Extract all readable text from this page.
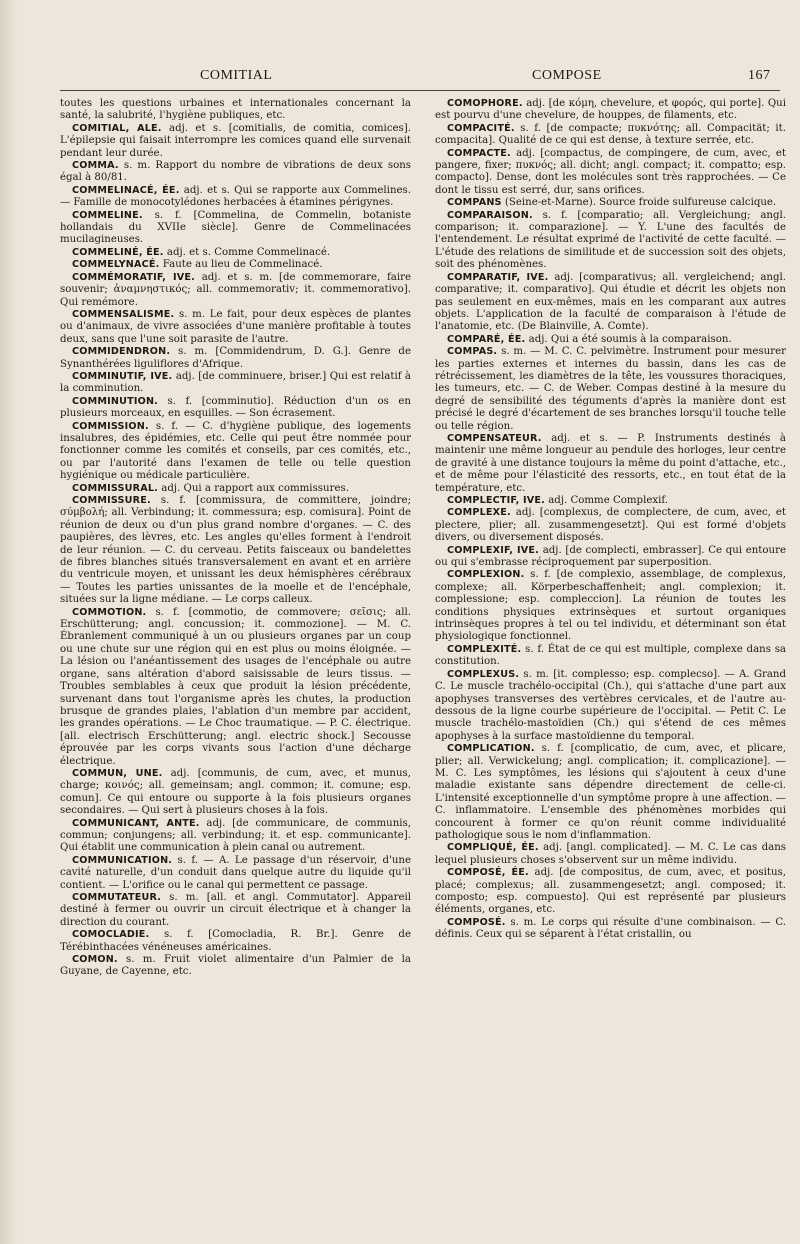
COMITIAL	COMPOSE	167

toutes les questions urbaines et internationales concernant la santé, la salubrité, l'hygiène publiques, etc.

COMITIAL, ALE. adj. et s. [comitialis, de comitia, comices]. L'épilepsie qui faisait interrompre les comices quand elle survenait pendant leur durée.

COMMA. s. m. Rapport du nombre de vibrations de deux sons égal à 80/81.

COMMELINACÉ, ÉE. adj. et s. Qui se rapporte aux Commelines. — Famille de monocotylédones herbacées à étamines périgynes.

COMMELINE. s. f. [Commelina, de Commelin, botaniste hollandais du XVIIe siècle]. Genre de Commelinacées mucilagineuses.

COMMELINÉ, ÉE. adj. et s. Comme Commelinacé.

COMMELYNACÉ. Faute au lieu de Commelinacé.

COMMÉMORATIF, IVE. adj. et s. m. [de commemorare, faire souvenir; ἀναμνηστικός; all. commemorativ; it. commemorativo]. Qui remémore.

COMMENSALISME. s. m. Le fait, pour deux espèces de plantes ou d'animaux, de vivre associées d'une manière profitable à toutes deux, sans que l'une soit parasite de l'autre.

COMMIDENDRON. s. m. [Commidendrum, D. G.]. Genre de Synanthérées liguliflores d'Afrique.

COMMINUTIF, IVE. adj. [de comminuere, briser.] Qui est relatif à la comminution.

COMMINUTION. s. f. [comminutio]. Réduction d'un os en plusieurs morceaux, en esquilles. — Son écrasement.

COMMISSION. s. f. — C. d'hygiène publique, des logements insalubres, des épidémies, etc. Celle qui peut être nommée pour fonctionner comme les comités et conseils, par ces comités, etc., ou par l'autorité dans l'examen de telle ou telle question hygiénique ou médicale particulière.

COMMISSURAL. adj. Qui a rapport aux commissures.

COMMISSURE. s. f. [commissura, de committere, joindre; σύμβολή; all. Verbindung; it. commessura; esp. comisura]. Point de réunion de deux ou d'un plus grand nombre d'organes. — C. des paupières, des lèvres, etc. Les angles qu'elles forment à l'endroit de leur réunion. — C. du cerveau. Petits faisceaux ou bandelettes de fibres blanches situés transversalement en avant et en arrière du ventricule moyen, et unissant les deux hémisphères cérébraux — Toutes les parties unissantes de la moelle et de l'encéphale, situées sur la ligne médiane. — Le corps calleux.

COMMOTION. s. f. [commotio, de commovere; σεῖσις; all. Erschütterung; angl. concussion; it. commozione]. — M. C. Ébranlement communiqué à un ou plusieurs organes par un coup ou une chute sur une région qui en est plus ou moins éloignée. — La lésion ou l'anéantissement des usages de l'encéphale ou autre organe, sans altération d'abord saisissable de leurs tissus. — Troubles semblables à ceux que produit la lésion précédente, survenant dans tout l'organisme après les chutes, la production brusque de grandes plaies, l'ablation d'un membre par accident, les grandes opérations. — Le Choc traumatique. — P. C. électrique. [all. electrisch Erschütterung; angl. electric shock.] Secousse éprouvée par les corps vivants sous l'action d'une décharge électrique.

COMMUN, UNE. adj. [communis, de cum, avec, et munus, charge; κοινός; all. gemeinsam; angl. common; it. comune; esp. comun]. Ce qui entoure ou supporte à la fois plusieurs organes secondaires. — Qui sert à plusieurs choses à la fois.

COMMUNICANT, ANTE. adj. [de communicare, de communis, commun; conjungens; all. verbindung; it. et esp. communicante]. Qui établit une communication à plein canal ou autrement.

COMMUNICATION. s. f. — A. Le passage d'un réservoir, d'une cavité naturelle, d'un conduit dans quelque autre du liquide qu'il contient. — L'orifice ou le canal qui permettent ce passage.

COMMUTATEUR. s. m. [all. et angl. Commutator]. Appareil destiné à fermer ou ouvrir un circuit électrique et à changer la direction du courant.

COMOCLADIE. s. f. [Comocladia, R. Br.]. Genre de Térébinthacées vénéneuses américaines.

COMON. s. m. Fruit violet alimentaire d'un Palmier de la Guyane, de Cayenne, etc.

COMOPHORE. adj. [de κόμη, chevelure, et φορός, qui porte]. Qui est pourvu d'une chevelure, de houppes, de filaments, etc.

COMPACITÉ. s. f. [de compacte; πυκνότης; all. Compacität; it. compacita]. Qualité de ce qui est dense, à texture serrée, etc.

COMPACTE. adj. [compactus, de compingere, de cum, avec, et pangere, fixer; πυκνός; all. dicht; angl. compact; it. compatto; esp. compacto]. Dense, dont les molécules sont très rapprochées. — Ce dont le tissu est serré, dur, sans orifices.

COMPANS (Seine-et-Marne). Source froide sulfureuse calcique.

COMPARAISON. s. f. [comparatio; all. Vergleichung; angl. comparison; it. comparazione]. — Y. L'une des facultés de l'entendement. Le résultat exprimé de l'activité de cette faculté. — L'étude des relations de similitude et de succession soit des objets, soit des phénomènes.

COMPARATIF, IVE. adj. [comparativus; all. vergleichend; angl. comparative; it. comparativo]. Qui étudie et décrit les objets non pas seulement en eux-mêmes, mais en les comparant aux autres objets. L'application de la faculté de comparaison à l'étude de l'anatomie, etc. (De Blainville, A. Comte).

COMPARÉ, ÉE. adj. Qui a été soumis à la comparaison.

COMPAS. s. m. — M. C. C. pelvimètre. Instrument pour mesurer les parties externes et internes du bassin, dans les cas de rétrécissement, les diamètres de la tête, les voussures thoraciques, les tumeurs, etc. — C. de Weber. Compas destiné à la mesure du degré de sensibilité des téguments d'après la manière dont est précisé le degré d'écartement de ses branches lorsqu'il touche telle ou telle région.

COMPENSATEUR. adj. et s. — P. Instruments destinés à maintenir une même longueur au pendule des horloges, leur centre de gravité à une distance toujours la même du point d'attache, etc., et de même pour l'élasticité des ressorts, etc., en tout état de la température, etc.

COMPLECTIF, IVE. adj. Comme Complexif.

COMPLEXE. adj. [complexus, de complectere, de cum, avec, et plectere, plier; all. zusammengesetzt]. Qui est formé d'objets divers, ou diversement disposés.

COMPLEXIF, IVE. adj. [de complecti, embrasser]. Ce qui entoure ou qui s'embrasse réciproquement par superposition.

COMPLEXION. s. f. [de complexio, assemblage, de complexus, complexe; all. Körperbeschaffenheit; angl. complexion; it. complessione; esp. compleccion]. La réunion de toutes les conditions physiques extrinsèques et surtout organiques intrinsèques propres à tel ou tel individu, et déterminant son état physiologique fonctionnel.

COMPLEXITÉ. s. f. État de ce qui est multiple, complexe dans sa constitution.

COMPLEXUS. s. m. [it. complesso; esp. complecso]. — A. Grand C. Le muscle trachélo-occipital (Ch.), qui s'attache d'une part aux apophyses transverses des vertèbres cervicales, et de l'autre au-dessous de la ligne courbe supérieure de l'occipital. — Petit C. Le muscle trachélo-mastoïdien (Ch.) qui s'étend de ces mêmes apophyses à la surface mastoïdienne du temporal.

COMPLICATION. s. f. [complicatio, de cum, avec, et plicare, plier; all. Verwickelung; angl. complication; it. complicazione]. — M. C. Les symptômes, les lésions qui s'ajoutent à ceux d'une maladie existante sans dépendre directement de celle-ci. L'intensité exceptionnelle d'un symptôme propre à une affection. — C. inflammatoire. L'ensemble des phénomènes morbides qui concourent à former ce qu'on réunit comme individualité pathologique sous le nom d'inflammation.

COMPLIQUÉ, ÉE. adj. [angl. complicated]. — M. C. Le cas dans lequel plusieurs choses s'observent sur un même individu.

COMPOSÉ, ÉE. adj. [de compositus, de cum, avec, et positus, placé; complexus; all. zusammengesetzt; angl. composed; it. composto; esp. compuesto]. Qui est représenté par plusieurs éléments, organes, etc.

COMPOSÉ. s. m. Le corps qui résulte d'une combinaison. — C. définis. Ceux qui se séparent à l'état cristallin, ou
